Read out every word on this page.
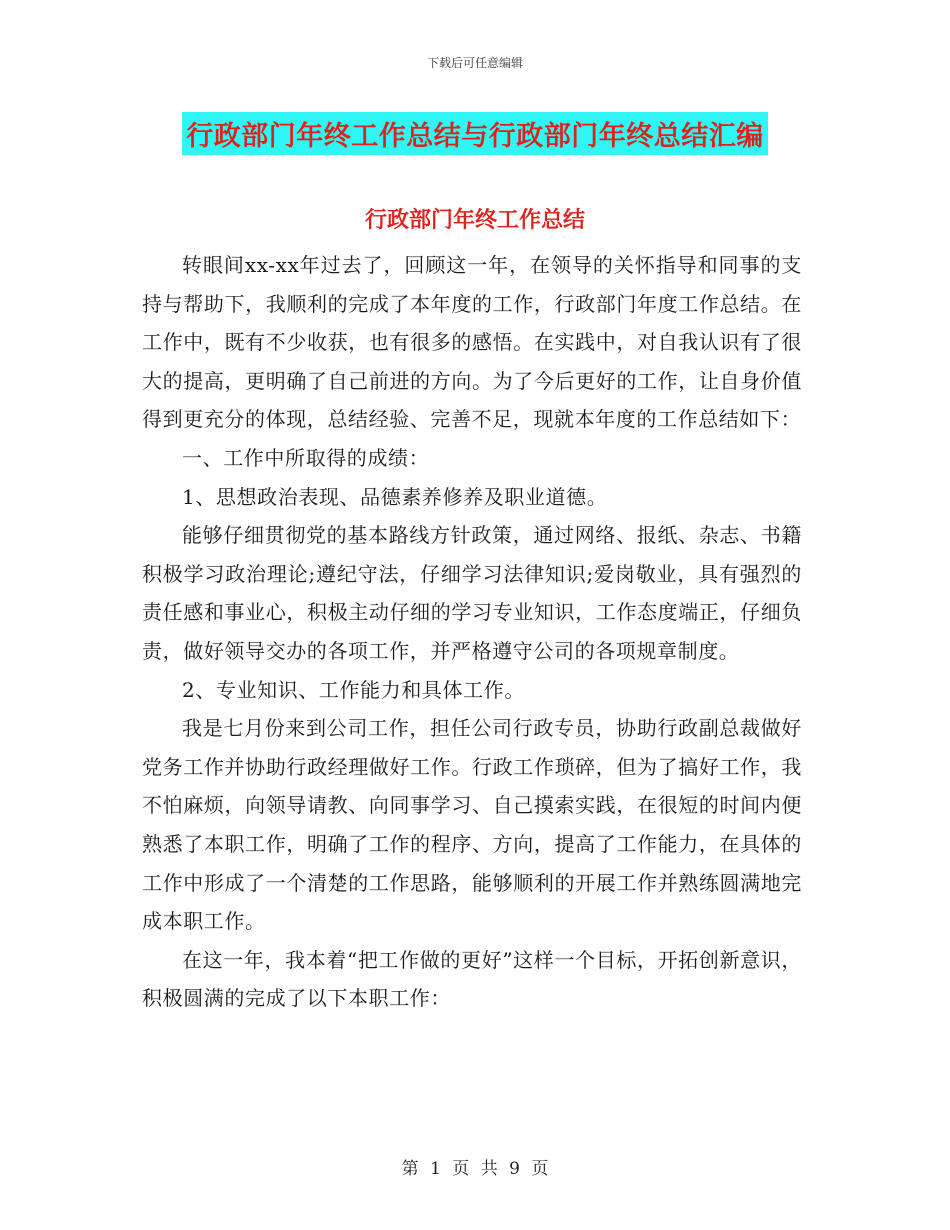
下载后可任意编辑
行政部门年终工作总结与行政部门年终总结汇编
行政部门年终工作总结

转眼间xx-xx年过去了，回顾这一年，在领导的关怀指导和同事的支持与帮助下，我顺利的完成了本年度的工作，行政部门年度工作总结。在工作中，既有不少收获，也有很多的感悟。在实践中，对自我认识有了很大的提高，更明确了自己前进的方向。为了今后更好的工作，让自身价值得到更充分的体现，总结经验、完善不足，现就本年度的工作总结如下：

一、工作中所取得的成绩：

1、思想政治表现、品德素养修养及职业道德。

能够仔细贯彻党的基本路线方针政策，通过网络、报纸、杂志、书籍积极学习政治理论;遵纪守法，仔细学习法律知识;爱岗敬业，具有强烈的责任感和事业心，积极主动仔细的学习专业知识，工作态度端正，仔细负责，做好领导交办的各项工作，并严格遵守公司的各项规章制度。

2、专业知识、工作能力和具体工作。

我是七月份来到公司工作，担任公司行政专员，协助行政副总裁做好党务工作并协助行政经理做好工作。行政工作琐碎，但为了搞好工作，我不怕麻烦，向领导请教、向同事学习、自己摸索实践，在很短的时间内便熟悉了本职工作，明确了工作的程序、方向，提高了工作能力，在具体的工作中形成了一个清楚的工作思路，能够顺利的开展工作并熟练圆满地完成本职工作。

在这一年，我本着“把工作做的更好”这样一个目标，开拓创新意识，积极圆满的完成了以下本职工作：

第 1 页 共 9 页
